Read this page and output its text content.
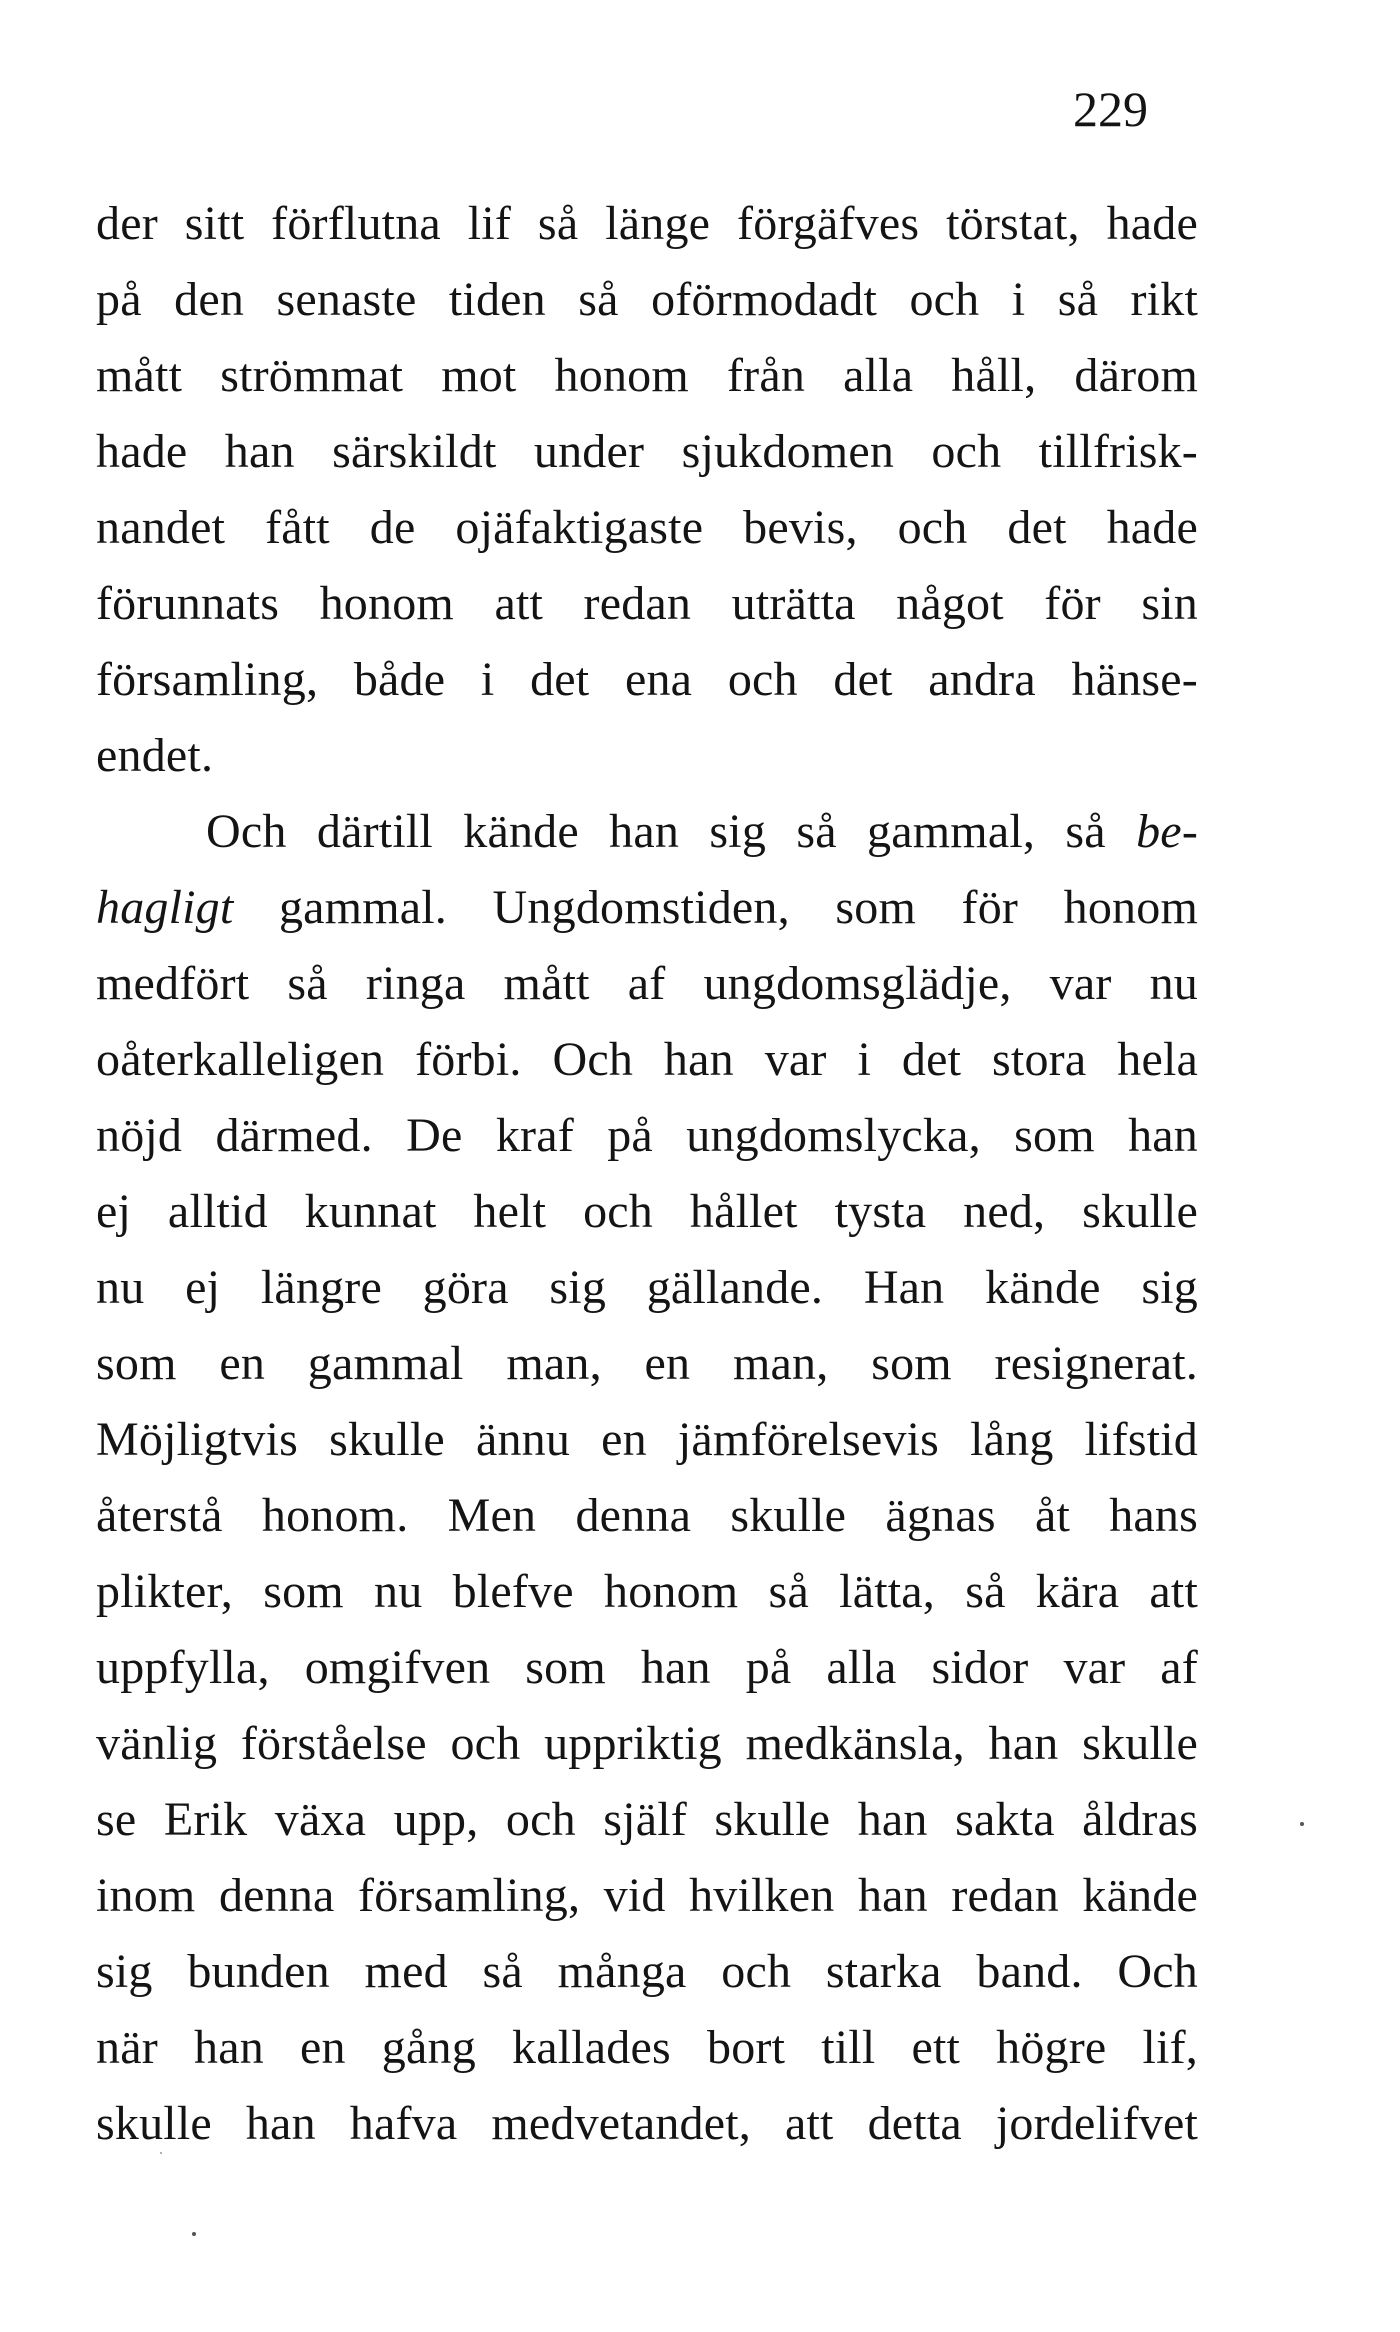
229
der sitt förflutna lif så länge förgäfves törstat, hade
på den senaste tiden så oförmodadt och i så rikt
mått strömmat mot honom från alla håll, därom
hade han särskildt under sjukdomen och tillfrisk-
nandet fått de ojäfaktigaste bevis, och det hade
förunnats honom att redan uträtta något för sin
församling, både i det ena och det andra hänse-
endet.
Och därtill kände han sig så gammal, så be-
hagligt gammal. Ungdomstiden, som för honom
medfört så ringa mått af ungdomsglädje, var nu
oåterkalleligen förbi. Och han var i det stora hela
nöjd därmed. De kraf på ungdomslycka, som han
ej alltid kunnat helt och hållet tysta ned, skulle
nu ej längre göra sig gällande. Han kände sig
som en gammal man, en man, som resignerat.
Möjligtvis skulle ännu en jämförelsevis lång lifstid
återstå honom. Men denna skulle ägnas åt hans
plikter, som nu blefve honom så lätta, så kära att
uppfylla, omgifven som han på alla sidor var af
vänlig förståelse och uppriktig medkänsla, han skulle
se Erik växa upp, och själf skulle han sakta åldras
inom denna församling, vid hvilken han redan kände
sig bunden med så många och starka band. Och
när han en gång kallades bort till ett högre lif,
skulle han hafva medvetandet, att detta jordelifvet
